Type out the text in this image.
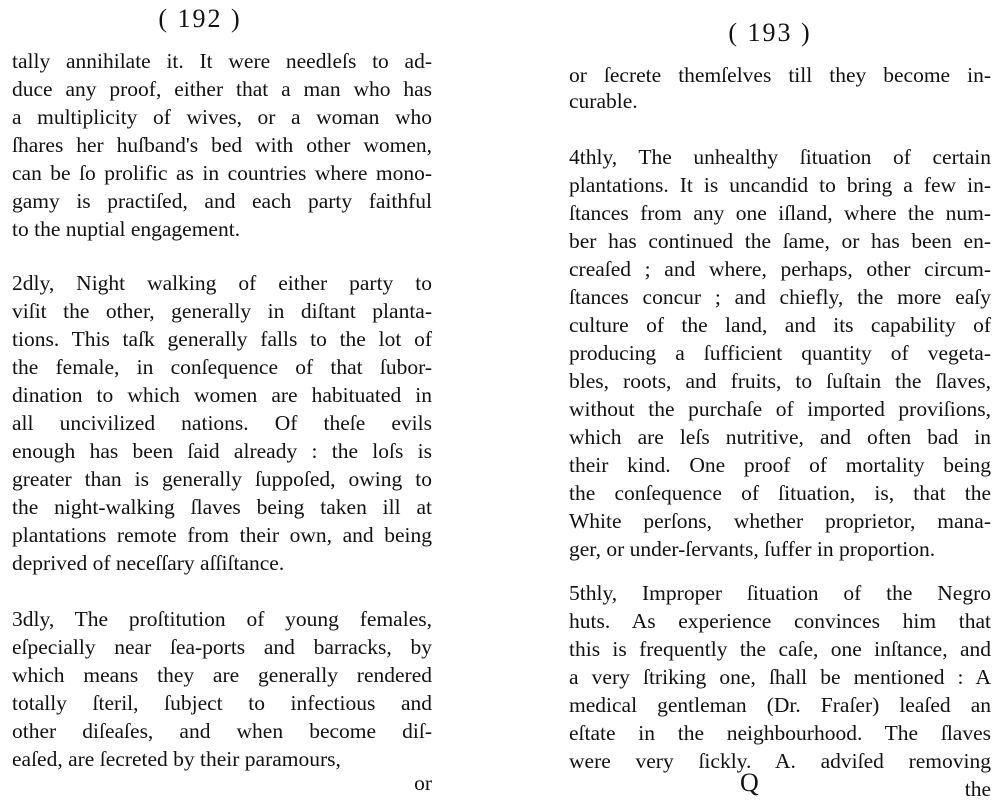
( 192 )
tally annihilate it. It were needleſs to ad-
duce any proof, either that a man who has
a multiplicity of wives, or a woman who
ſhares her huſband's bed with other women,
can be ſo prolific as in countries where mono-
gamy is practiſed, and each party faithful
to the nuptial engagement.
2dly, Night walking of either party to
viſit the other, generally in diſtant planta-
tions. This taſk generally falls to the lot of
the female, in conſequence of that ſubor-
dination to which women are habituated in
all uncivilized nations. Of theſe evils
enough has been ſaid already : the loſs is
greater than is generally ſuppoſed, owing to
the night-walking ſlaves being taken ill at
plantations remote from their own, and being
deprived of neceſſary aſſiſtance.
3dly, The proſtitution of young females,
eſpecially near ſea-ports and barracks, by
which means they are generally rendered
totally ſteril, ſubject to infectious and
other diſeaſes, and when become diſ-
eaſed, are ſecreted by their paramours,
or
( 193 )
or ſecrete themſelves till they become in-
curable.
4thly, The unhealthy ſituation of certain
plantations. It is uncandid to bring a few in-
ſtances from any one iſland, where the num-
ber has continued the ſame, or has been en-
creaſed ; and where, perhaps, other circum-
ſtances concur ; and chiefly, the more eaſy
culture of the land, and its capability of
producing a ſufficient quantity of vegeta-
bles, roots, and fruits, to ſuſtain the ſlaves,
without the purchaſe of imported proviſions,
which are leſs nutritive, and often bad in
their kind. One proof of mortality being
the conſequence of ſituation, is, that the
White perſons, whether proprietor, mana-
ger, or under-ſervants, ſuffer in proportion.
5thly, Improper ſituation of the Negro
huts. As experience convinces him that
this is frequently the caſe, one inſtance, and
a very ſtriking one, ſhall be mentioned : A
medical gentleman (Dr. Fraſer) leaſed an
eſtate in the neighbourhood. The ſlaves
were very ſickly. A. adviſed removing
Q	the
